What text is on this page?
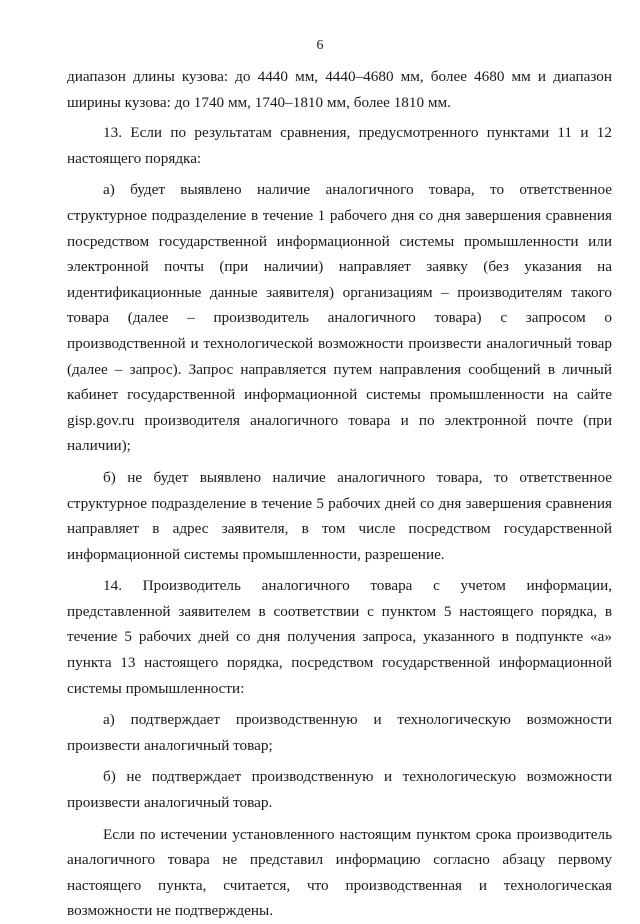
6

диапазон длины кузова: до 4440 мм, 4440–4680 мм, более 4680 мм и диапазон ширины кузова: до 1740 мм, 1740–1810 мм, более 1810 мм.

13. Если по результатам сравнения, предусмотренного пунктами 11 и 12 настоящего порядка:

а) будет выявлено наличие аналогичного товара, то ответственное структурное подразделение в течение 1 рабочего дня со дня завершения сравнения посредством государственной информационной системы промышленности или электронной почты (при наличии) направляет заявку (без указания на идентификационные данные заявителя) организациям – производителям такого товара (далее – производитель аналогичного товара) с запросом о производственной и технологической возможности произвести аналогичный товар (далее – запрос). Запрос направляется путем направления сообщений в личный кабинет государственной информационной системы промышленности на сайте gisp.gov.ru производителя аналогичного товара и по электронной почте (при наличии);

б) не будет выявлено наличие аналогичного товара, то ответственное структурное подразделение в течение 5 рабочих дней со дня завершения сравнения направляет в адрес заявителя, в том числе посредством государственной информационной системы промышленности, разрешение.

14. Производитель аналогичного товара с учетом информации, представленной заявителем в соответствии с пунктом 5 настоящего порядка, в течение 5 рабочих дней со дня получения запроса, указанного в подпункте «а» пункта 13 настоящего порядка, посредством государственной информационной системы промышленности:

а) подтверждает производственную и технологическую возможности произвести аналогичный товар;

б) не подтверждает производственную и технологическую возможности произвести аналогичный товар.

Если по истечении установленного настоящим пунктом срока производитель аналогичного товара не представил информацию согласно абзацу первому настоящего пункта, считается, что производственная и технологическая возможности не подтверждены.
